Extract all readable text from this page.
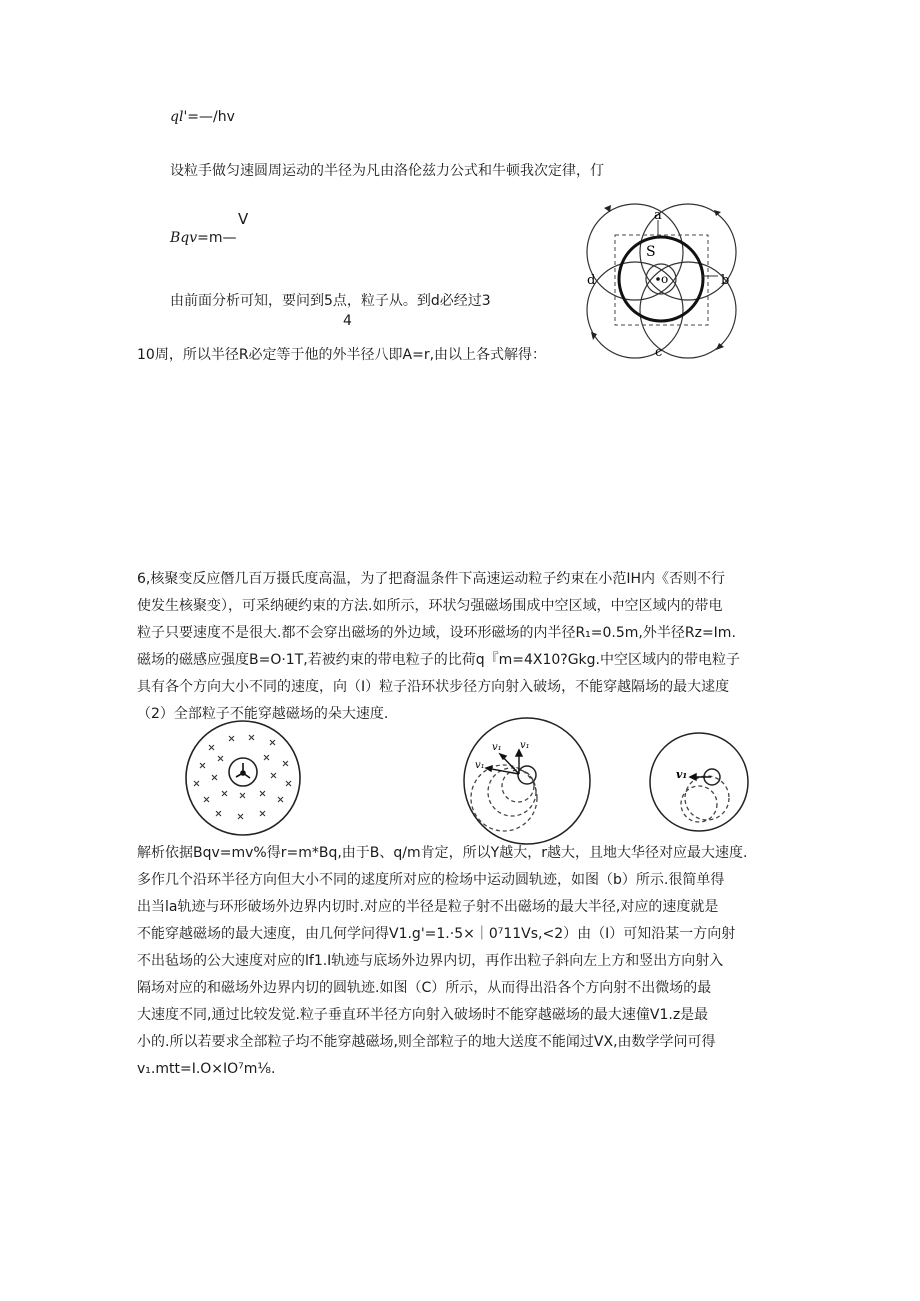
ql'=—/hv
设粒手做匀速圆周运动的半径为凡由洛伦兹力公式和牛顿我次定律，仃
V
Bqv=m—
由前面分析可知，要问到5点，粒子从。到d必经过3
4
10周，所以半径R必定等于他的外半径八即A=r,由以上各式解得：
a
S
o	b
d
c
6,核聚变反应僭几百万摄氏度高温，为了把裔温条件下高速运动粒子约束在小范IH内《否则不行
使发生核聚变），可采纳硬约束的方法.如所示，环状匀强磁场围成中空区域，中空区域内的带电
粒子只要速度不是很大.都不会穿出磁场的外边域，设环形磁场的内半径R₁=0.5m,外半径Rz=Im.
磁场的磁感应强度B=O·1T,若被约束的带电粒子的比荷q『m=4X10?Gkg.中空区域内的带电粒子
具有各个方向大小不同的速度，向（I）粒子沿环状步径方向射入破场，不能穿越隔场的最大逑度
（2）全部粒子不能穿越磁场的朵大速度.
v₁ v₁
v₁
v₁
解析依据Bqv=mv%得r=m*Bq,由于B、q/m肯定，所以Y越大，r越大，且地大华径对应最大速度.
多作几个沿环半径方向但大小不同的逑度所对应的检场中运动圆轨迹，如图（b）所示.很简单得
出当la轨迹与环形破场外边界内切时.对应的半径是粒子射不出磁场的最大半径,对应的速度就是
不能穿越磁场的最大速度，由几何学问得V1.g'=1.·5×｜0⁷11Vs,<2）由（I）可知沿某一方向射
不出毡场的公大速度对应的lf1.I轨迹与底场外边界内切，再作出粒子斜向左上方和竖出方向射入
隔场对应的和磁场外边界内切的圆轨迹.如图（C）所示，从而得出沿各个方向射不出微场的最
大速度不同,通过比较发觉.粒子垂直环半径方向射入破场时不能穿越磁场的最大速僮V1.z是最
小的.所以若要求全部粒子均不能穿越磁场,则全部粒子的地大送度不能闻过VX,由数学学问可得
v₁.mtt=I.O×IO⁷m⅛.
